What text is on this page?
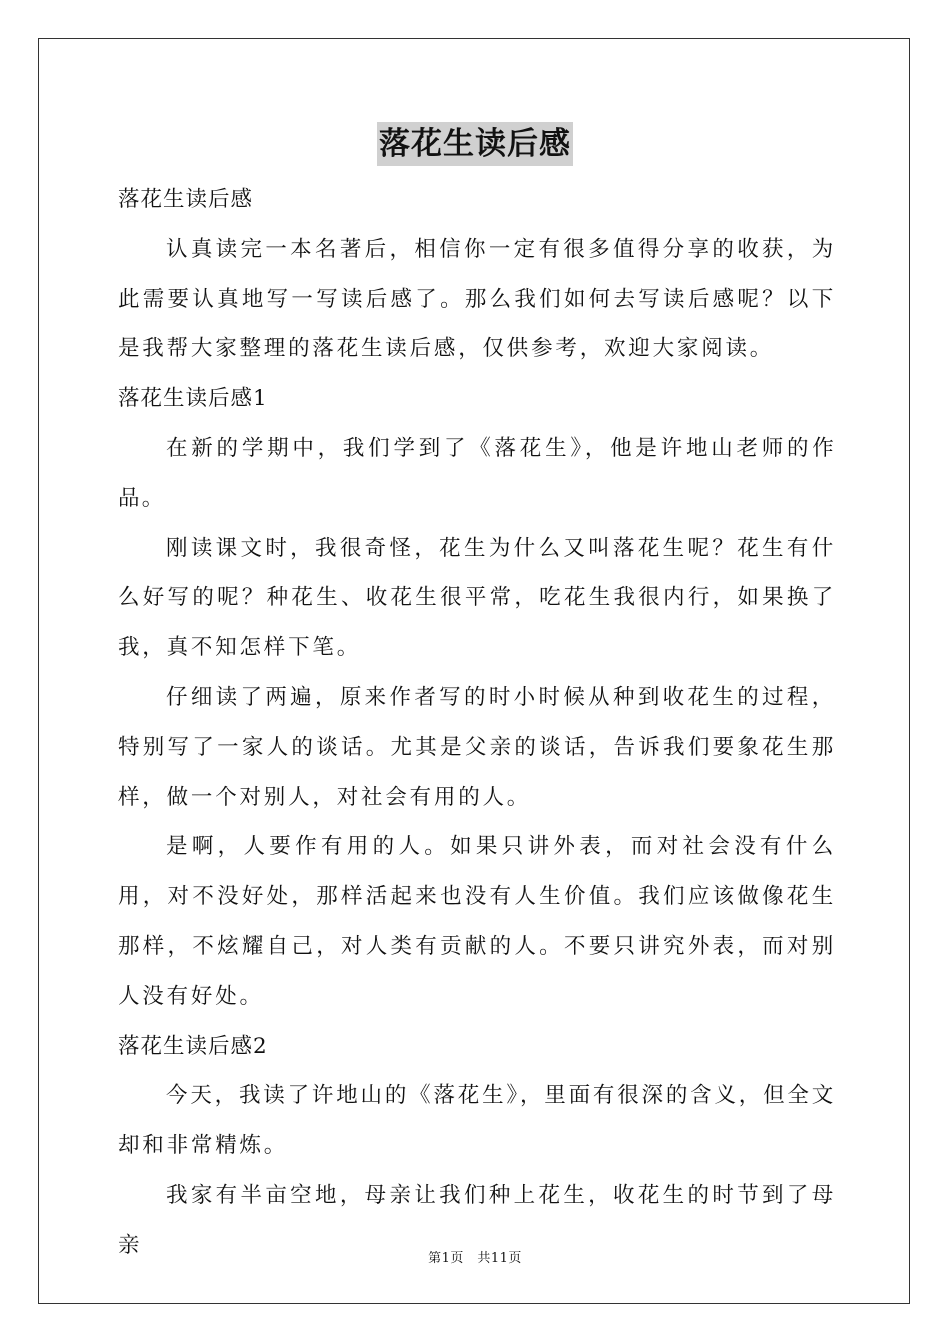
落花生读后感

落花生读后感

认真读完一本名著后，相信你一定有很多值得分享的收获，为此需要认真地写一写读后感了。那么我们如何去写读后感呢？以下是我帮大家整理的落花生读后感，仅供参考，欢迎大家阅读。

落花生读后感1

在新的学期中，我们学到了《落花生》，他是许地山老师的作品。

刚读课文时，我很奇怪，花生为什么又叫落花生呢？花生有什么好写的呢？种花生、收花生很平常，吃花生我很内行，如果换了我，真不知怎样下笔。

仔细读了两遍，原来作者写的时小时候从种到收花生的过程，特别写了一家人的谈话。尤其是父亲的谈话，告诉我们要象花生那样，做一个对别人，对社会有用的人。

是啊，人要作有用的人。如果只讲外表，而对社会没有什么用，对不没好处，那样活起来也没有人生价值。我们应该做像花生那样，不炫耀自己，对人类有贡献的人。不要只讲究外表，而对别人没有好处。

落花生读后感2

今天，我读了许地山的《落花生》，里面有很深的含义，但全文却和非常精炼。

我家有半亩空地，母亲让我们种上花生，收花生的时节到了母亲

第1页　共11页
